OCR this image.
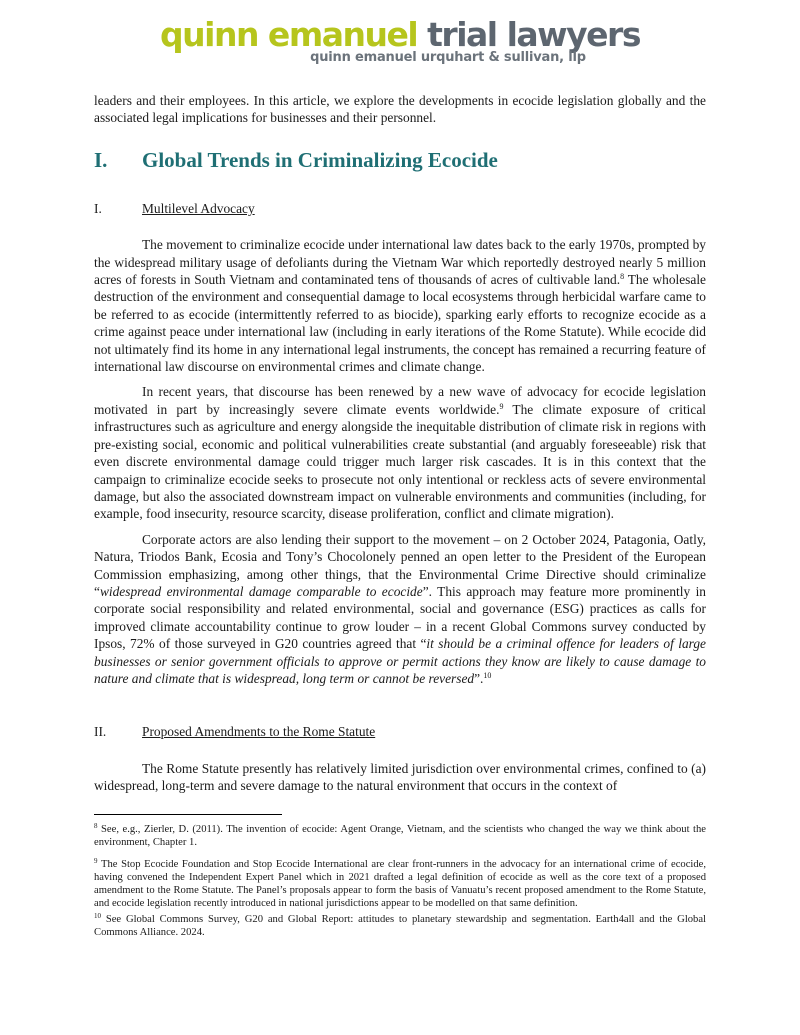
quinn emanuel trial lawyers
quinn emanuel urquhart & sullivan, llp

leaders and their employees. In this article, we explore the developments in ecocide legislation globally and the associated legal implications for businesses and their personnel.

I.	Global Trends in Criminalizing Ecocide
I.	Multilevel Advocacy

The movement to criminalize ecocide under international law dates back to the early 1970s, prompted by the widespread military usage of defoliants during the Vietnam War which reportedly destroyed nearly 5 million acres of forests in South Vietnam and contaminated tens of thousands of acres of cultivable land.$^8$ The wholesale destruction of the environment and consequential damage to local ecosystems through herbicidal warfare came to be referred to as ecocide (intermittently referred to as biocide), sparking early efforts to recognize ecocide as a crime against peace under international law (including in early iterations of the Rome Statute). While ecocide did not ultimately find its home in any international legal instruments, the concept has remained a recurring feature of international law discourse on environmental crimes and climate change.

In recent years, that discourse has been renewed by a new wave of advocacy for ecocide legislation motivated in part by increasingly severe climate events worldwide.$^9$ The climate exposure of critical infrastructures such as agriculture and energy alongside the inequitable distribution of climate risk in regions with pre-existing social, economic and political vulnerabilities create substantial (and arguably foreseeable) risk that even discrete environmental damage could trigger much larger risk cascades. It is in this context that the campaign to criminalize ecocide seeks to prosecute not only intentional or reckless acts of severe environmental damage, but also the associated downstream impact on vulnerable environments and communities (including, for example, food insecurity, resource scarcity, disease proliferation, conflict and climate migration).

Corporate actors are also lending their support to the movement – on 2 October 2024, Patagonia, Oatly, Natura, Triodos Bank, Ecosia and Tony’s Chocolonely penned an open letter to the President of the European Commission emphasizing, among other things, that the Environmental Crime Directive should criminalize “widespread environmental damage comparable to ecocide”. This approach may feature more prominently in corporate social responsibility and related environmental, social and governance (ESG) practices as calls for improved climate accountability continue to grow louder – in a recent Global Commons survey conducted by Ipsos, 72% of those surveyed in G20 countries agreed that “it should be a criminal offence for leaders of large businesses or senior government officials to approve or permit actions they know are likely to cause damage to nature and climate that is widespread, long term or cannot be reversed”.$^{10}$

II.	Proposed Amendments to the Rome Statute

The Rome Statute presently has relatively limited jurisdiction over environmental crimes, confined to (a) widespread, long-term and severe damage to the natural environment that occurs in the context of

$^8$ See, e.g., Zierler, D. (2011). The invention of ecocide: Agent Orange, Vietnam, and the scientists who changed the way we think about the environment, Chapter 1.

$^9$ The Stop Ecocide Foundation and Stop Ecocide International are clear front-runners in the advocacy for an international crime of ecocide, having convened the Independent Expert Panel which in 2021 drafted a legal definition of ecocide as well as the core text of a proposed amendment to the Rome Statute. The Panel’s proposals appear to form the basis of Vanuatu’s recent proposed amendment to the Rome Statute, and ecocide legislation recently introduced in national jurisdictions appear to be modelled on that same definition.

$^{10}$ See Global Commons Survey, G20 and Global Report: attitudes to planetary stewardship and segmentation. Earth4all and the Global Commons Alliance. 2024.
